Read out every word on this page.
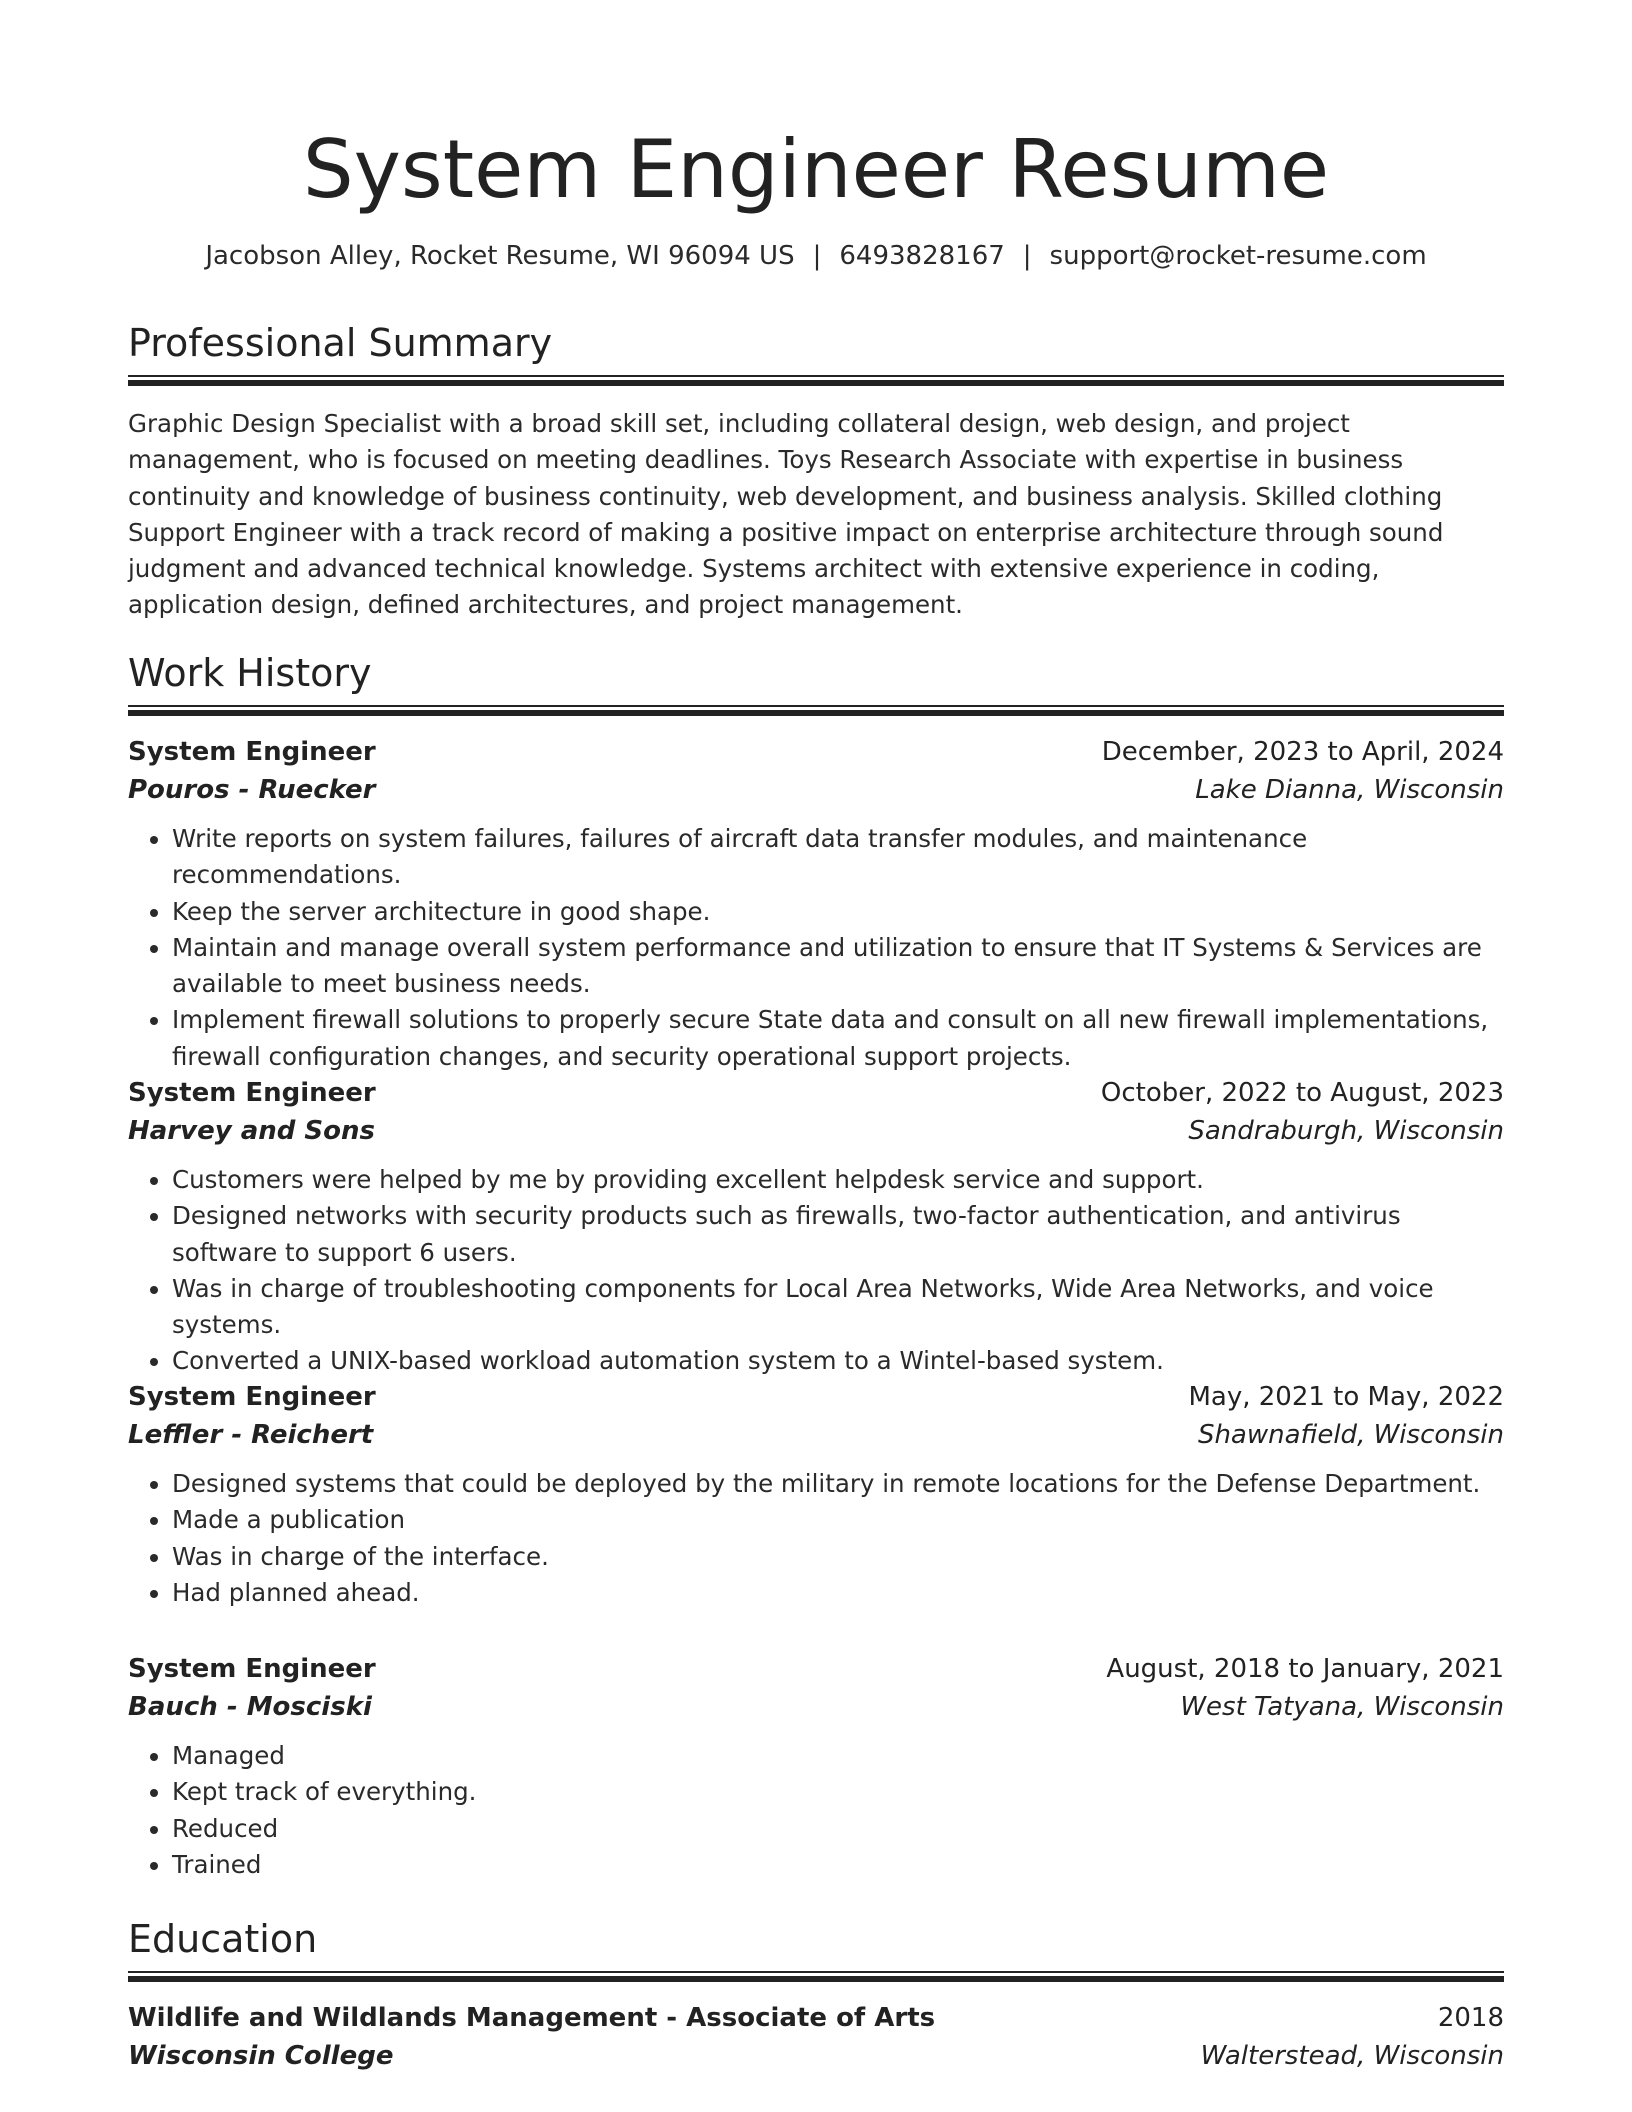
System Engineer Resume
Jacobson Alley, Rocket Resume, WI 96094 US | 6493828167 | support@rocket-resume.com
Professional Summary

Graphic Design Specialist with a broad skill set, including collateral design, web design, and project management, who is focused on meeting deadlines. Toys Research Associate with expertise in business continuity and knowledge of business continuity, web development, and business analysis. Skilled clothing Support Engineer with a track record of making a positive impact on enterprise architecture through sound judgment and advanced technical knowledge. Systems architect with extensive experience in coding, application design, defined architectures, and project management.

Work History
System Engineer	December, 2023 to April, 2024
Pouros - Ruecker	Lake Dianna, Wisconsin
• Write reports on system failures, failures of aircraft data transfer modules, and maintenance recommendations.
• Keep the server architecture in good shape.
• Maintain and manage overall system performance and utilization to ensure that IT Systems & Services are available to meet business needs.
• Implement firewall solutions to properly secure State data and consult on all new firewall implementations, firewall configuration changes, and security operational support projects.
System Engineer	October, 2022 to August, 2023
Harvey and Sons	Sandraburgh, Wisconsin
• Customers were helped by me by providing excellent helpdesk service and support.
• Designed networks with security products such as firewalls, two-factor authentication, and antivirus software to support 6 users.
• Was in charge of troubleshooting components for Local Area Networks, Wide Area Networks, and voice systems.
• Converted a UNIX-based workload automation system to a Wintel-based system.
System Engineer	May, 2021 to May, 2022
Leffler - Reichert	Shawnafield, Wisconsin
• Designed systems that could be deployed by the military in remote locations for the Defense Department.
• Made a publication
• Was in charge of the interface.
• Had planned ahead.
System Engineer	August, 2018 to January, 2021
Bauch - Mosciski	West Tatyana, Wisconsin
• Managed
• Kept track of everything.
• Reduced
• Trained
Education
Wildlife and Wildlands Management - Associate of Arts	2018
Wisconsin College	Walterstead, Wisconsin
